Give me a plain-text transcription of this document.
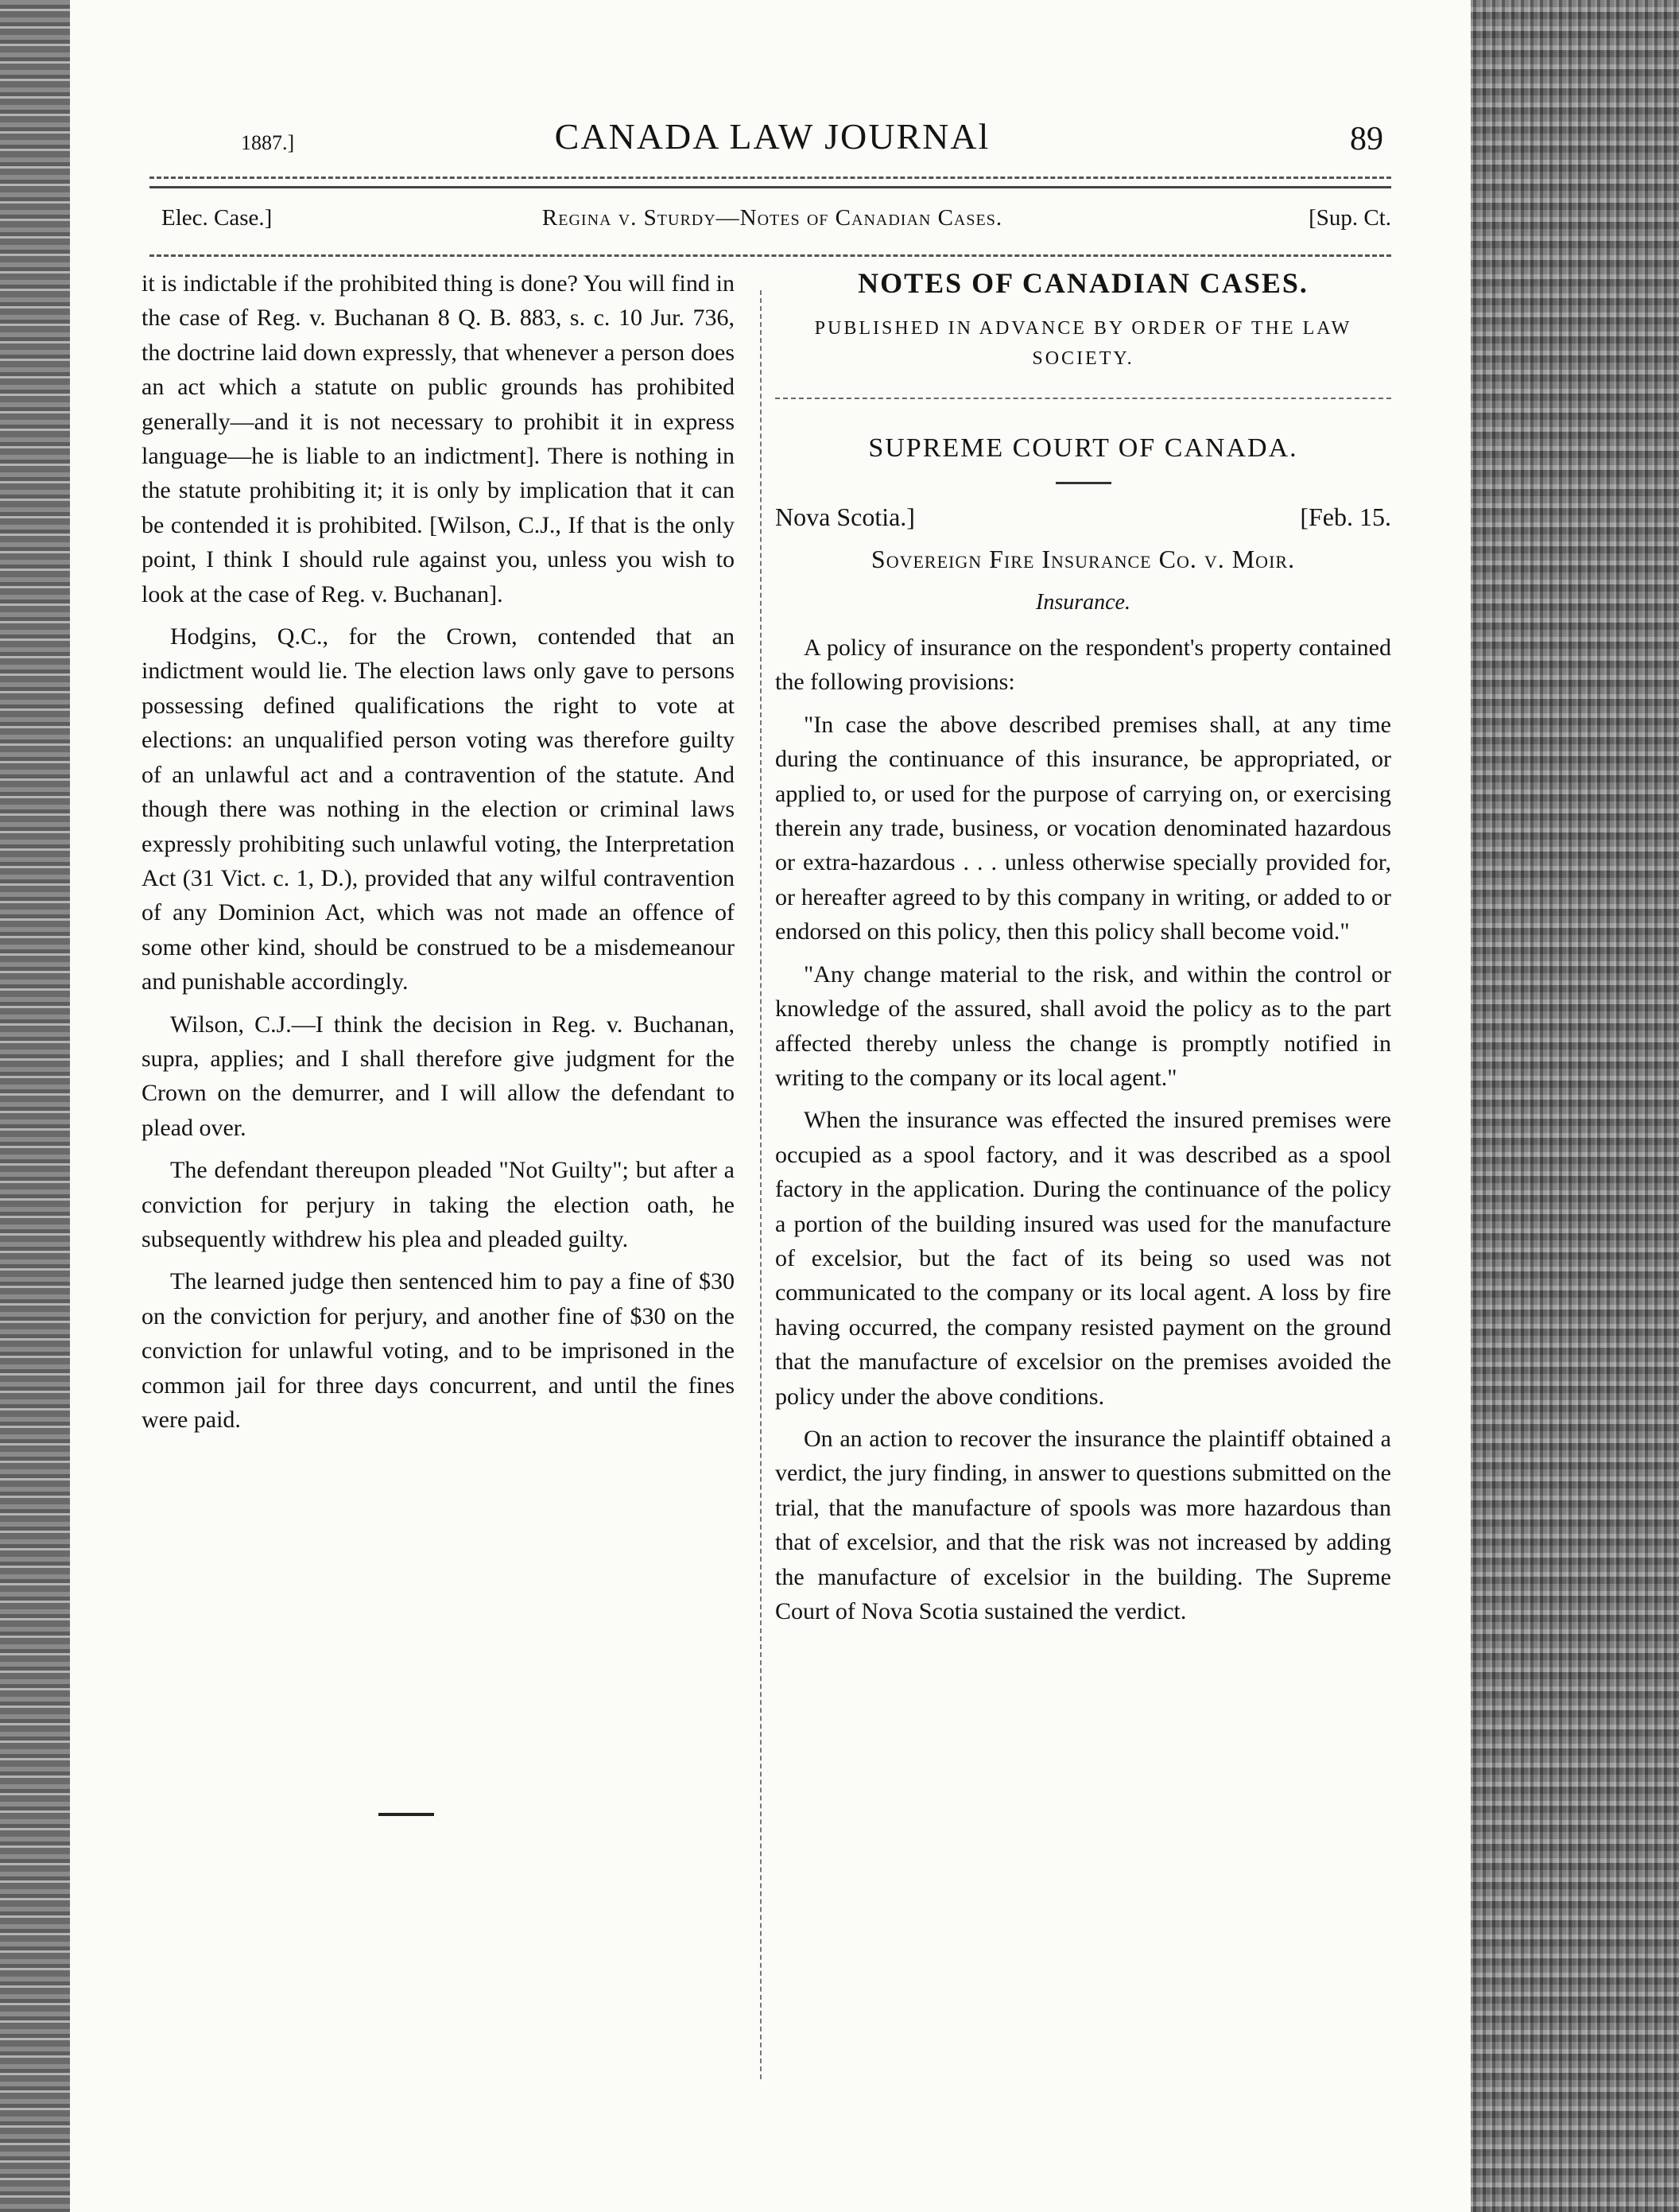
1887.]	CANADA LAW JOURNAl	89
Elec. Case.]	Regina v. Sturdy—Notes of Canadian Cases.	[Sup. Ct.

it is indictable if the prohibited thing is done? You will find in the case of Reg. v. Buchanan 8 Q. B. 883, s. c. 10 Jur. 736, the doctrine laid down expressly, that whenever a person does an act which a statute on public grounds has prohibited generally—and it is not necessary to prohibit it in express language—he is liable to an indictment]. There is nothing in the statute prohibiting it; it is only by implication that it can be contended it is prohibited. [Wilson, C.J., If that is the only point, I think I should rule against you, unless you wish to look at the case of Reg. v. Buchanan].

Hodgins, Q.C., for the Crown, contended that an indictment would lie. The election laws only gave to persons possessing defined qualifications the right to vote at elections: an unqualified person voting was therefore guilty of an unlawful act and a contravention of the statute. And though there was nothing in the election or criminal laws expressly prohibiting such unlawful voting, the Interpretation Act (31 Vict. c. 1, D.), provided that any wilful contravention of any Dominion Act, which was not made an offence of some other kind, should be construed to be a misdemeanour and punishable accordingly.

Wilson, C.J.—I think the decision in Reg. v. Buchanan, supra, applies; and I shall therefore give judgment for the Crown on the demurrer, and I will allow the defendant to plead over.

The defendant thereupon pleaded "Not Guilty"; but after a conviction for perjury in taking the election oath, he subsequently withdrew his plea and pleaded guilty.

The learned judge then sentenced him to pay a fine of $30 on the conviction for perjury, and another fine of $30 on the conviction for unlawful voting, and to be imprisoned in the common jail for three days concurrent, and until the fines were paid.

NOTES OF CANADIAN CASES.
PUBLISHED IN ADVANCE BY ORDER OF THE LAW SOCIETY.
SUPREME COURT OF CANADA.
Nova Scotia.]	[Feb. 15.
Sovereign Fire Insurance Co. v. Moir.
Insurance.

A policy of insurance on the respondent's property contained the following provisions:

"In case the above described premises shall, at any time during the continuance of this insurance, be appropriated, or applied to, or used for the purpose of carrying on, or exercising therein any trade, business, or vocation denominated hazardous or extra-hazardous . . . unless otherwise specially provided for, or hereafter agreed to by this company in writing, or added to or endorsed on this policy, then this policy shall become void."

"Any change material to the risk, and within the control or knowledge of the assured, shall avoid the policy as to the part affected thereby unless the change is promptly notified in writing to the company or its local agent."

When the insurance was effected the insured premises were occupied as a spool factory, and it was described as a spool factory in the application. During the continuance of the policy a portion of the building insured was used for the manufacture of excelsior, but the fact of its being so used was not communicated to the company or its local agent. A loss by fire having occurred, the company resisted payment on the ground that the manufacture of excelsior on the premises avoided the policy under the above conditions.

On an action to recover the insurance the plaintiff obtained a verdict, the jury finding, in answer to questions submitted on the trial, that the manufacture of spools was more hazardous than that of excelsior, and that the risk was not increased by adding the manufacture of excelsior in the building. The Supreme Court of Nova Scotia sustained the verdict.
